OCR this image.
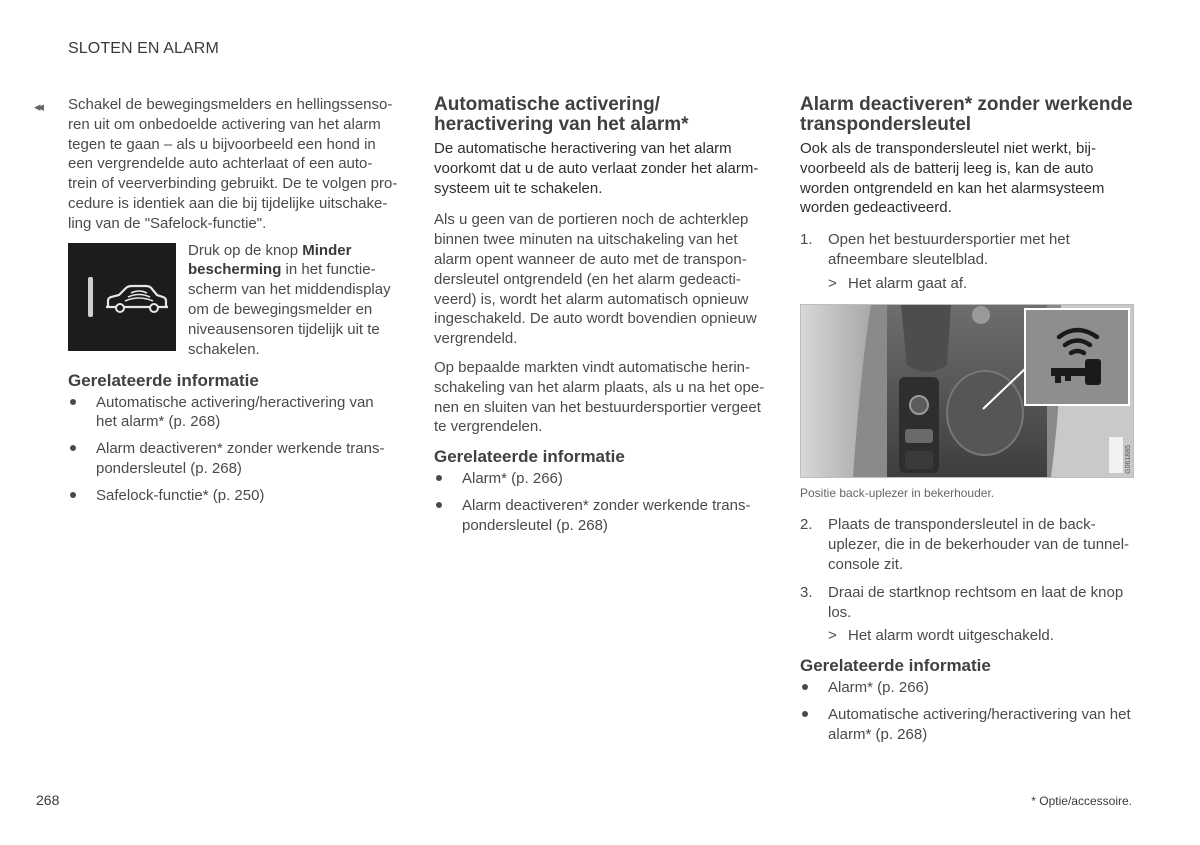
SLOTEN EN ALARM
◂◂ Schakel de bewegingsmelders en hellingssenso-ren uit om onbedoelde activering van het alarm tegen te gaan – als u bijvoorbeeld een hond in een vergrendelde auto achterlaat of een auto-trein of veerverbinding gebruikt. De te volgen pro-cedure is identiek aan die bij tijdelijke uitschake-ling van de "Safelock-functie".

Druk op de knop Minder bescherming in het functie-scherm van het middendisplay om de bewegingsmelder en niveausensoren tijdelijk uit te schakelen.
Gerelateerde informatie
Automatische activering/heractivering van het alarm* (p. 268)
Alarm deactiveren* zonder werkende trans-pondersleutel (p. 268)
Safelock-functie* (p. 250)
Automatische activering/ heractivering van het alarm*

De automatische heractivering van het alarm voorkomt dat u de auto verlaat zonder het alarm-systeem uit te schakelen.

Als u geen van de portieren noch de achterklep binnen twee minuten na uitschakeling van het alarm opent wanneer de auto met de transpon-dersleutel ontgrendeld (en het alarm gedeacti-veerd) is, wordt het alarm automatisch opnieuw ingeschakeld. De auto wordt bovendien opnieuw vergrendeld.

Op bepaalde markten vindt automatische herin-schakeling van het alarm plaats, als u na het ope-nen en sluiten van het bestuurdersportier vergeet te vergrendelen.

Gerelateerde informatie
Alarm* (p. 266)
Alarm deactiveren* zonder werkende trans-pondersleutel (p. 268)
Alarm deactiveren* zonder werkende transpondersleutel

Ook als de transpondersleutel niet werkt, bij-voorbeeld als de batterij leeg is, kan de auto worden ontgrendeld en kan het alarmsysteem worden gedeactiveerd.

1. Open het bestuurdersportier met het afneembare sleutelblad.
> Het alarm gaat af.
G061885

Positie back-uplezer in bekerhouder.

2. Plaats de transpondersleutel in de back-uplezer, die in de bekerhouder van de tunnel-console zit.
3. Draai de startknop rechtsom en laat de knop los.
> Het alarm wordt uitgeschakeld.
Gerelateerde informatie
Alarm* (p. 266)
Automatische activering/heractivering van het alarm* (p. 268)
268	* Optie/accessoire.
